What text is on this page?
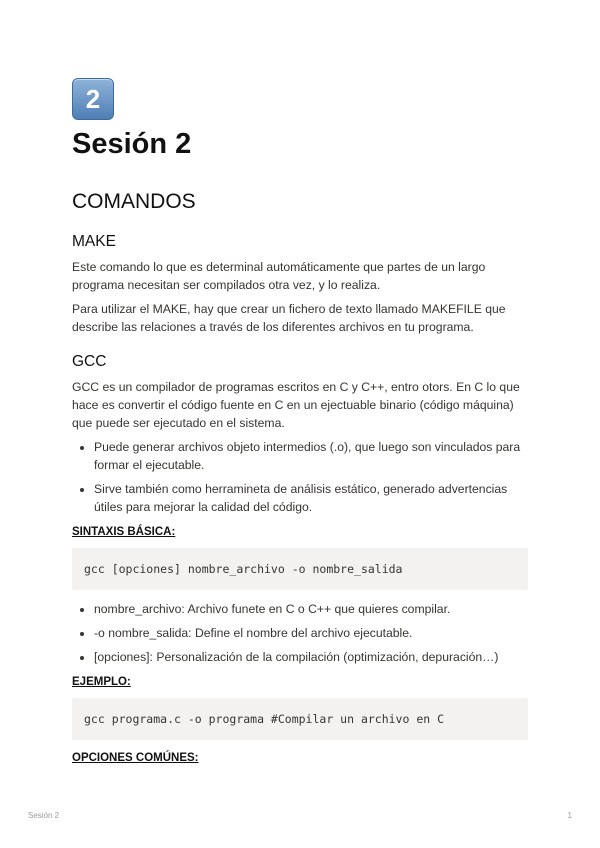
2
Sesión 2
COMANDOS
MAKE

Este comando lo que es determinal automáticamente que partes de un largo programa necesitan ser compilados otra vez, y lo realiza.

Para utilizar el MAKE, hay que crear un fichero de texto llamado MAKEFILE que describe las relaciones a través de los diferentes archivos en tu programa.

GCC

GCC es un compilador de programas escritos en C y C++, entro otors. En C lo que hace es convertir el código fuente en C en un ejectuable binario (código máquina) que puede ser ejecutado en el sistema.

• Puede generar archivos objeto intermedios (.o), que luego son vinculados para formar el ejecutable.
• Sirve también como herramineta de análisis estático, generado advertencias útiles para mejorar la calidad del código.
SINTAXIS BÁSICA:
gcc [opciones] nombre_archivo -o nombre_salida
• nombre_archivo: Archivo funete en C o C++ que quieres compilar.
• -o nombre_salida: Define el nombre del archivo ejecutable.
• [opciones]: Personalización de la compilación (optimización, depuración…)
EJEMPLO:
gcc programa.c -o programa #Compilar un archivo en C
OPCIONES COMÚNES:
Sesión 2	1
